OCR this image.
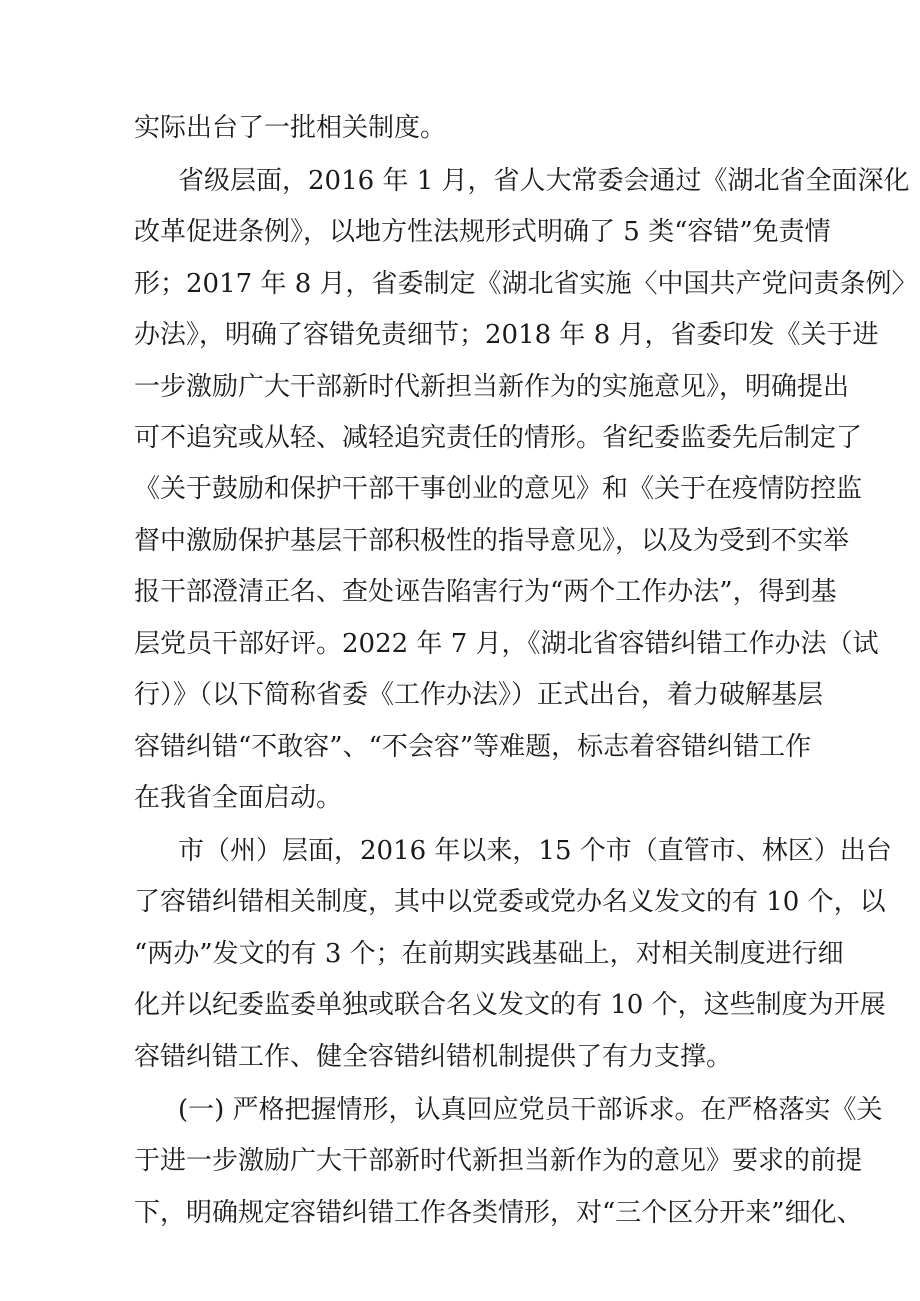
实际出台了一批相关制度。
省级层面，2016 年 1 月，省人大常委会通过《湖北省全面深化
改革促进条例》，以地方性法规形式明确了 5 类“容错”免责情
形；2017 年 8 月，省委制定《湖北省实施〈中国共产党问责条例〉
办法》，明确了容错免责细节；2018 年 8 月，省委印发《关于进
一步激励广大干部新时代新担当新作为的实施意见》，明确提出
可不追究或从轻、减轻追究责任的情形。省纪委监委先后制定了
《关于鼓励和保护干部干事创业的意见》和《关于在疫情防控监
督中激励保护基层干部积极性的指导意见》，以及为受到不实举
报干部澄清正名、查处诬告陷害行为“两个工作办法”，得到基
层党员干部好评。2022 年 7 月，《湖北省容错纠错工作办法（试
行）》（以下简称省委《工作办法》）正式出台，着力破解基层
容错纠错“不敢容”、“不会容”等难题，标志着容错纠错工作
在我省全面启动。
市（州）层面，2016 年以来，15 个市（直管市、林区）出台
了容错纠错相关制度，其中以党委或党办名义发文的有 10 个，以
“两办”发文的有 3 个；在前期实践基础上，对相关制度进行细
化并以纪委监委单独或联合名义发文的有 10 个，这些制度为开展
容错纠错工作、健全容错纠错机制提供了有力支撑。
(一) 严格把握情形，认真回应党员干部诉求。在严格落实《关
于进一步激励广大干部新时代新担当新作为的意见》要求的前提
下，明确规定容错纠错工作各类情形，对“三个区分开来”细化、
